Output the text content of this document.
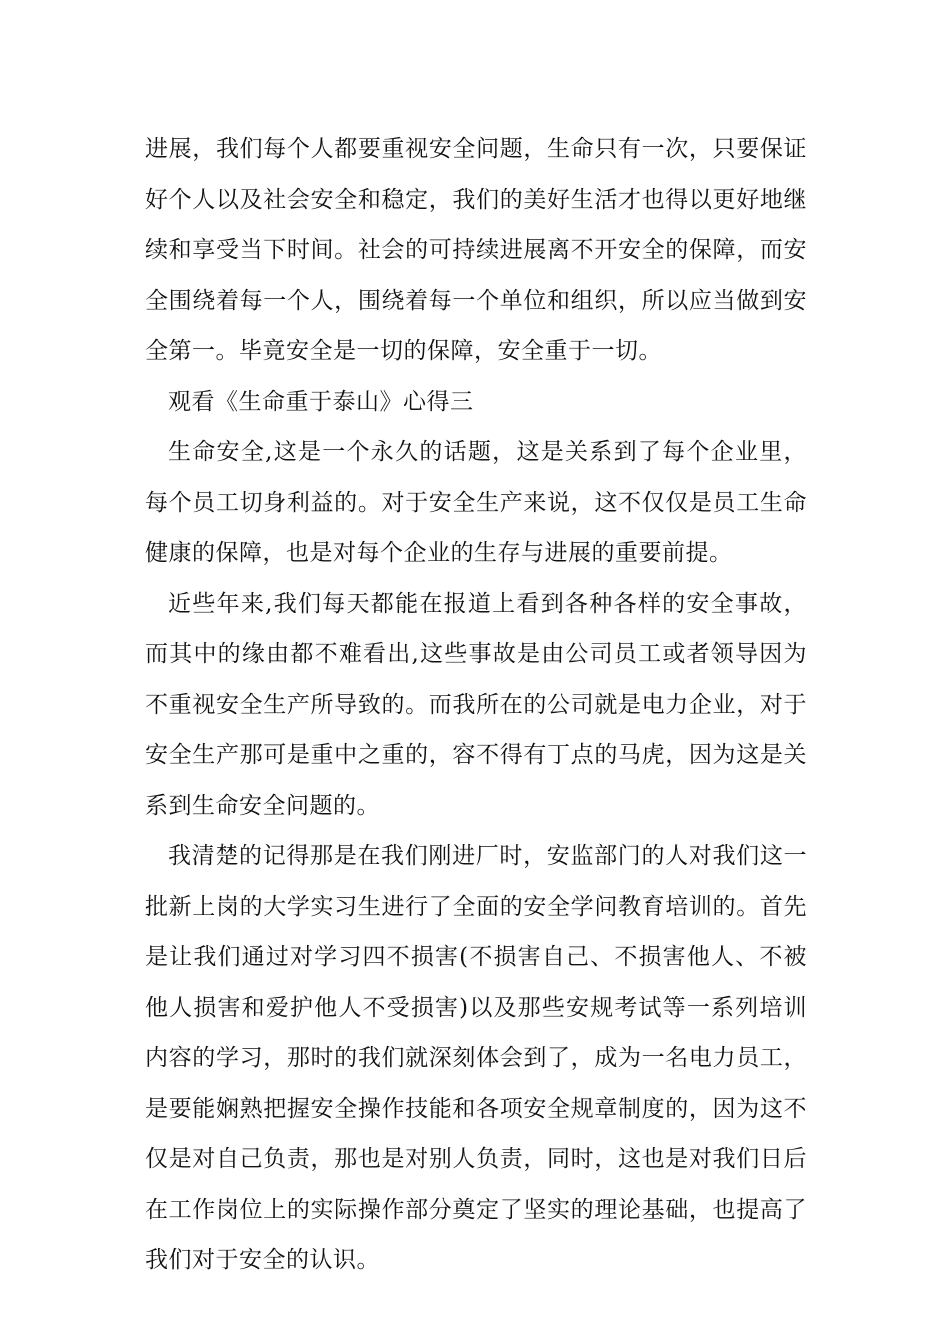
进展，我们每个人都要重视安全问题，生命只有一次，只要保证好个人以及社会安全和稳定，我们的美好生活才也得以更好地继续和享受当下时间。社会的可持续进展离不开安全的保障，而安全围绕着每一个人，围绕着每一个单位和组织，所以应当做到安全第一。毕竟安全是一切的保障，安全重于一切。

观看《生命重于泰山》心得三

生命安全,这是一个永久的话题，这是关系到了每个企业里，每个员工切身利益的。对于安全生产来说，这不仅仅是员工生命健康的保障，也是对每个企业的生存与进展的重要前提。

近些年来,我们每天都能在报道上看到各种各样的安全事故，而其中的缘由都不难看出,这些事故是由公司员工或者领导因为不重视安全生产所导致的。而我所在的公司就是电力企业，对于安全生产那可是重中之重的，容不得有丁点的马虎，因为这是关系到生命安全问题的。

我清楚的记得那是在我们刚进厂时，安监部门的人对我们这一批新上岗的大学实习生进行了全面的安全学问教育培训的。首先是让我们通过对学习四不损害(不损害自己、不损害他人、不被他人损害和爱护他人不受损害)以及那些安规考试等一系列培训内容的学习，那时的我们就深刻体会到了，成为一名电力员工，是要能娴熟把握安全操作技能和各项安全规章制度的，因为这不仅是对自己负责，那也是对别人负责，同时，这也是对我们日后在工作岗位上的实际操作部分奠定了坚实的理论基础，也提高了我们对于安全的认识。
